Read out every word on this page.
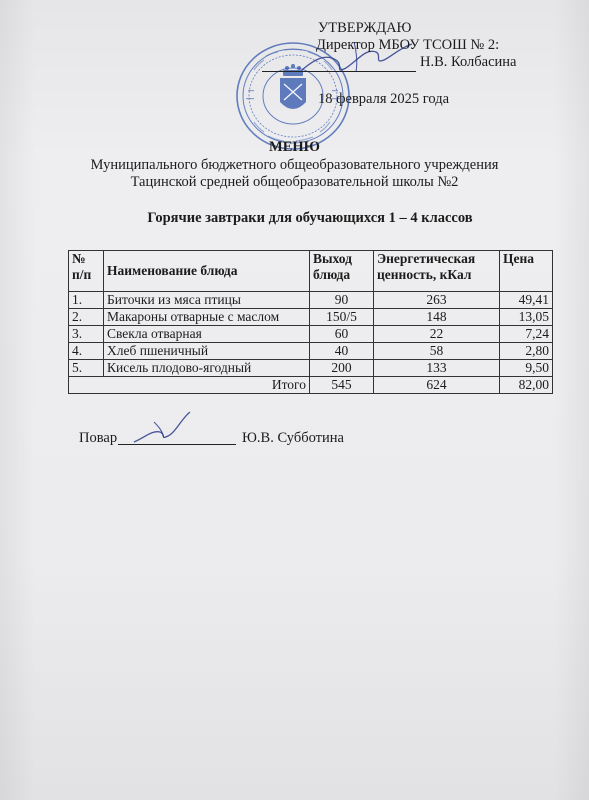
УТВЕРЖДАЮ
Директор МБОУ ТСОШ № 2:
Н.В. Колбасина
18 февраля 2025 года
МЕНЮ
Муниципального бюджетного общеобразовательного учреждения
Тацинской средней общеобразовательной школы №2
Горячие завтраки для обучающихся 1 – 4 классов
№ п/п	Наименование блюда	Выход блюда	Энергетическая ценность, кКал	Цена
1.	Биточки из мяса птицы	90	263	49,41
2.	Макароны отварные с маслом	150/5	148	13,05
3.	Свекла отварная	60	22	7,24
4.	Хлеб пшеничный	40	58	2,80
5.	Кисель плодово-ягодный	200	133	9,50
Итого		545	624	82,00
Повар	Ю.В. Субботина
